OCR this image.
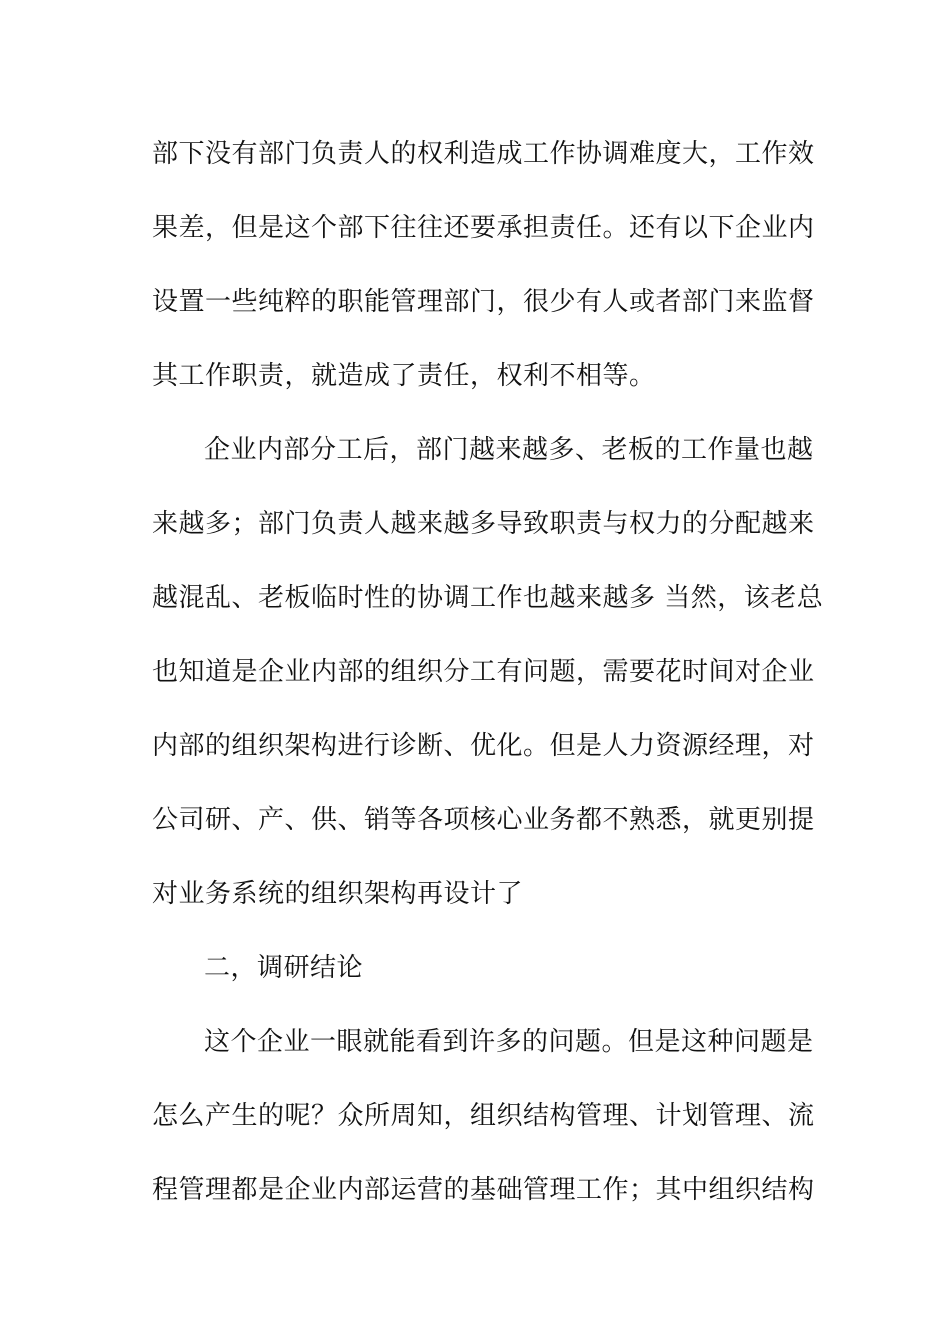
部下没有部门负责人的权利造成工作协调难度大，工作效
果差，但是这个部下往往还要承担责任。还有以下企业内
设置一些纯粹的职能管理部门，很少有人或者部门来监督
其工作职责，就造成了责任，权利不相等。
企业内部分工后，部门越来越多、老板的工作量也越
来越多；部门负责人越来越多导致职责与权力的分配越来
越混乱、老板临时性的协调工作也越来越多 当然，该老总
也知道是企业内部的组织分工有问题，需要花时间对企业
内部的组织架构进行诊断、优化。但是人力资源经理，对
公司研、产、供、销等各项核心业务都不熟悉，就更别提
对业务系统的组织架构再设计了
二，调研结论
这个企业一眼就能看到许多的问题。但是这种问题是
怎么产生的呢？众所周知，组织结构管理、计划管理、流
程管理都是企业内部运营的基础管理工作；其中组织结构
